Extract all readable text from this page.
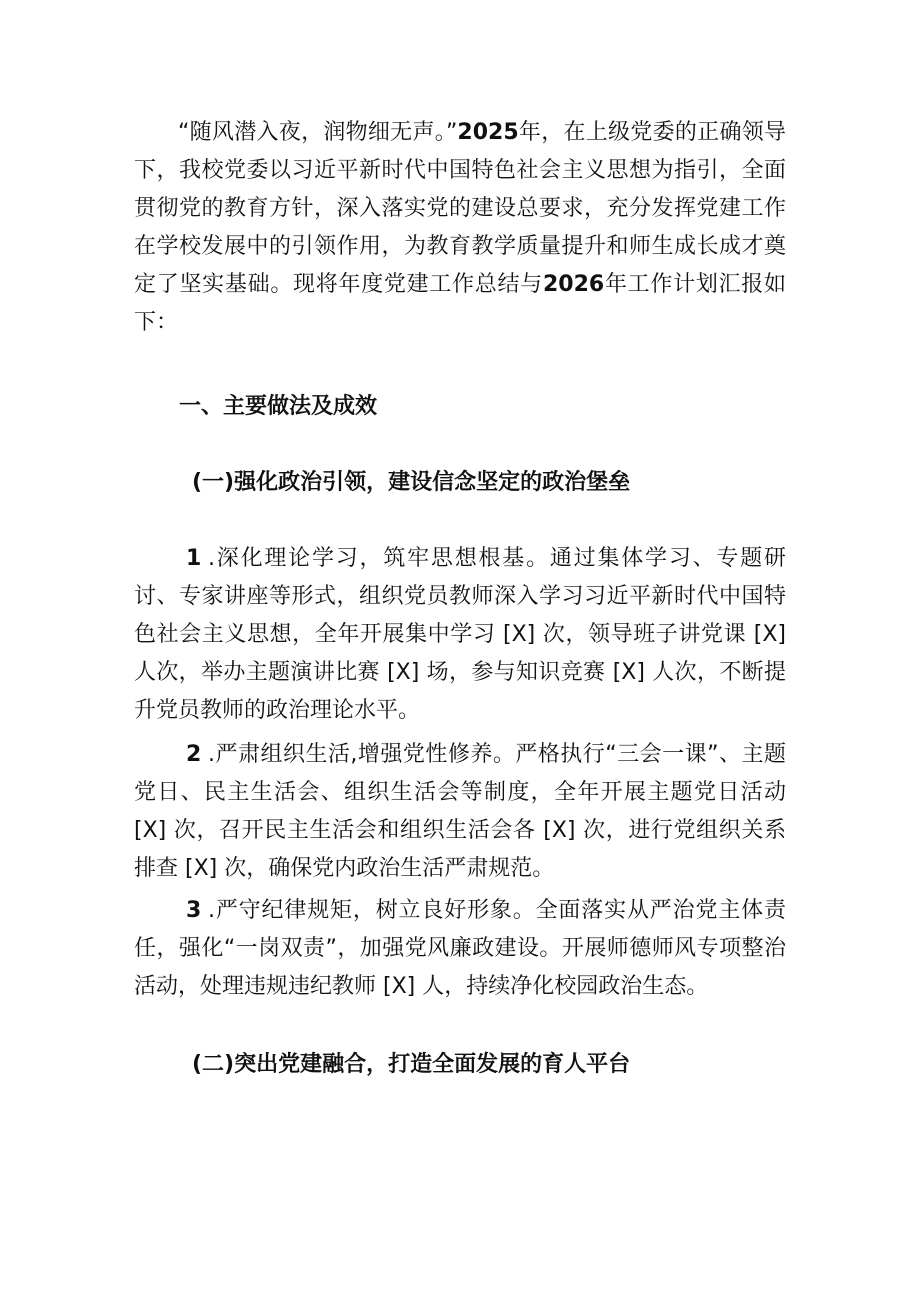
“随风潜入夜，润物细无声。”2025年，在上级党委的正确领导下，我校党委以习近平新时代中国特色社会主义思想为指引，全面贯彻党的教育方针，深入落实党的建设总要求，充分发挥党建工作在学校发展中的引领作用，为教育教学质量提升和师生成长成才奠定了坚实基础。现将年度党建工作总结与2026年工作计划汇报如下：

一、主要做法及成效
(一)强化政治引领，建设信念坚定的政治堡垒

1 .深化理论学习，筑牢思想根基。通过集体学习、专题研讨、专家讲座等形式，组织党员教师深入学习习近平新时代中国特色社会主义思想，全年开展集中学习 [X] 次，领导班子讲党课 [X] 人次，举办主题演讲比赛 [X] 场，参与知识竞赛 [X] 人次，不断提升党员教师的政治理论水平。

2 .严肃组织生活,增强党性修养。严格执行“三会一课”、主题党日、民主生活会、组织生活会等制度，全年开展主题党日活动 [X] 次，召开民主生活会和组织生活会各 [X] 次，进行党组织关系排查 [X] 次，确保党内政治生活严肃规范。

3 .严守纪律规矩，树立良好形象。全面落实从严治党主体责任，强化“一岗双责”，加强党风廉政建设。开展师德师风专项整治活动，处理违规违纪教师 [X] 人，持续净化校园政治生态。

(二)突出党建融合，打造全面发展的育人平台
